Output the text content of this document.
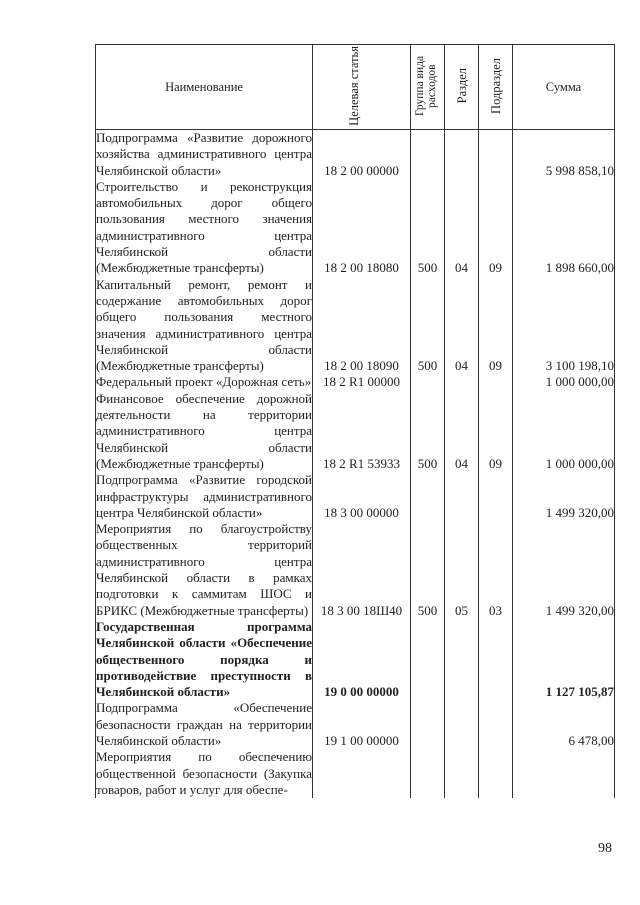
Наименование	Целевая статья	Группа вида расходов	Раздел	Подраздел	Сумма
Подпрограмма «Развитие дорожного хозяйства административного центра Челябинской области»	18 2 00 00000				5 998 858,10
Строительство и реконструкция автомобильных дорог общего пользования местного значения административного центра Челябинской области (Межбюджетные трансферты)	18 2 00 18080	500	04	09	1 898 660,00
Капитальный ремонт, ремонт и содержание автомобильных дорог общего пользования местного значения административного центра Челябинской области (Межбюджетные трансферты)	18 2 00 18090	500	04	09	3 100 198,10
Федеральный проект «Дорожная сеть»	18 2 R1 00000				1 000 000,00
Финансовое обеспечение дорожной деятельности на территории административного центра Челябинской области (Межбюджетные трансферты)	18 2 R1 53933	500	04	09	1 000 000,00
Подпрограмма «Развитие городской инфраструктуры административного центра Челябинской области»	18 3 00 00000				1 499 320,00
Мероприятия по благоустройству общественных территорий административного центра Челябинской области в рамках подготовки к саммитам ШОС и БРИКС (Межбюджетные трансферты)	18 3 00 18Ш40	500	05	03	1 499 320,00
Государственная программа Челябинской области «Обеспечение общественного порядка и противодействие преступности в Челябинской области»	19 0 00 00000				1 127 105,87
Подпрограмма «Обеспечение безопасности граждан на территории Челябинской области»	19 1 00 00000				6 478,00
Мероприятия по обеспечению общественной безопасности (Закупка товаров, работ и услуг для обеспе-					
98
